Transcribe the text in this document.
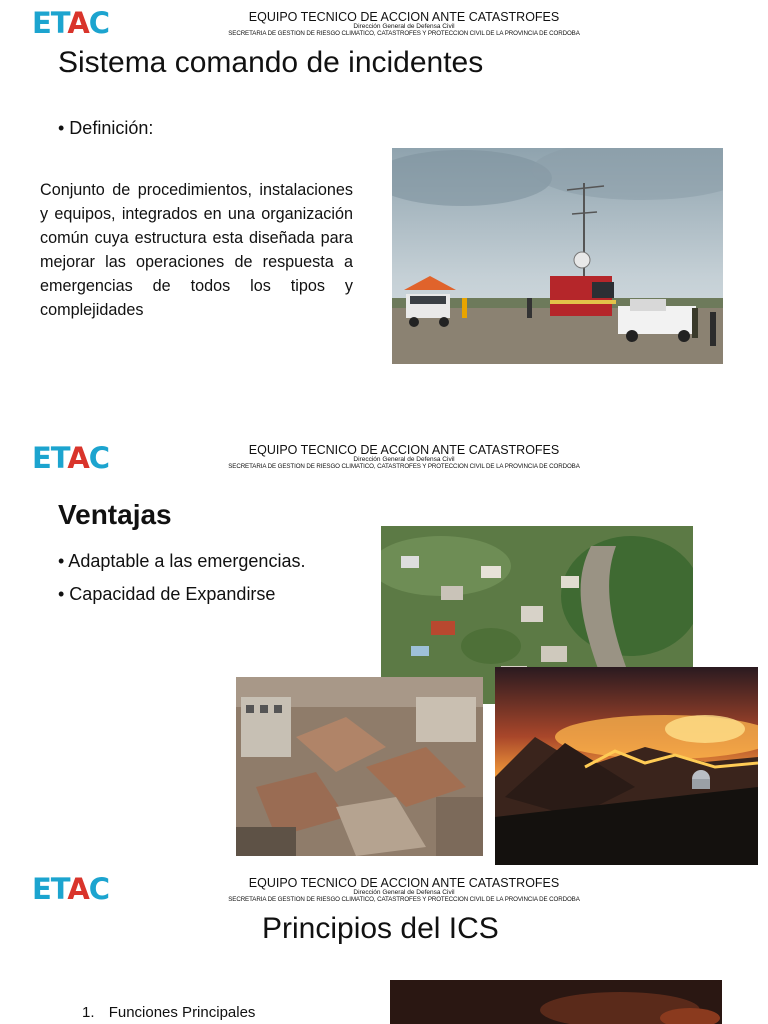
ETAC	EQUIPO TECNICO DE ACCION ANTE CATASTROFES
Dirección General de Defensa Civil
SECRETARIA DE GESTION DE RIESGO CLIMATICO, CATASTROFES Y PROTECCION CIVIL DE LA PROVINCIA DE CORDOBA
Sistema comando de incidentes
• Definición:
Conjunto de procedimientos, instalaciones y equipos, integrados en una organización común cuya estructura esta diseñada para mejorar las operaciones de respuesta a emergencias de todos los tipos y complejidades
ETAC	EQUIPO TECNICO DE ACCION ANTE CATASTROFES
Dirección General de Defensa Civil
SECRETARIA DE GESTION DE RIESGO CLIMATICO, CATASTROFES Y PROTECCION CIVIL DE LA PROVINCIA DE CORDOBA
Ventajas
• Adaptable a las emergencias.
• Capacidad de Expandirse
ETAC	EQUIPO TECNICO DE ACCION ANTE CATASTROFES
Dirección General de Defensa Civil
SECRETARIA DE GESTION DE RIESGO CLIMATICO, CATASTROFES Y PROTECCION CIVIL DE LA PROVINCIA DE CORDOBA
Principios del ICS
1. Funciones Principales
